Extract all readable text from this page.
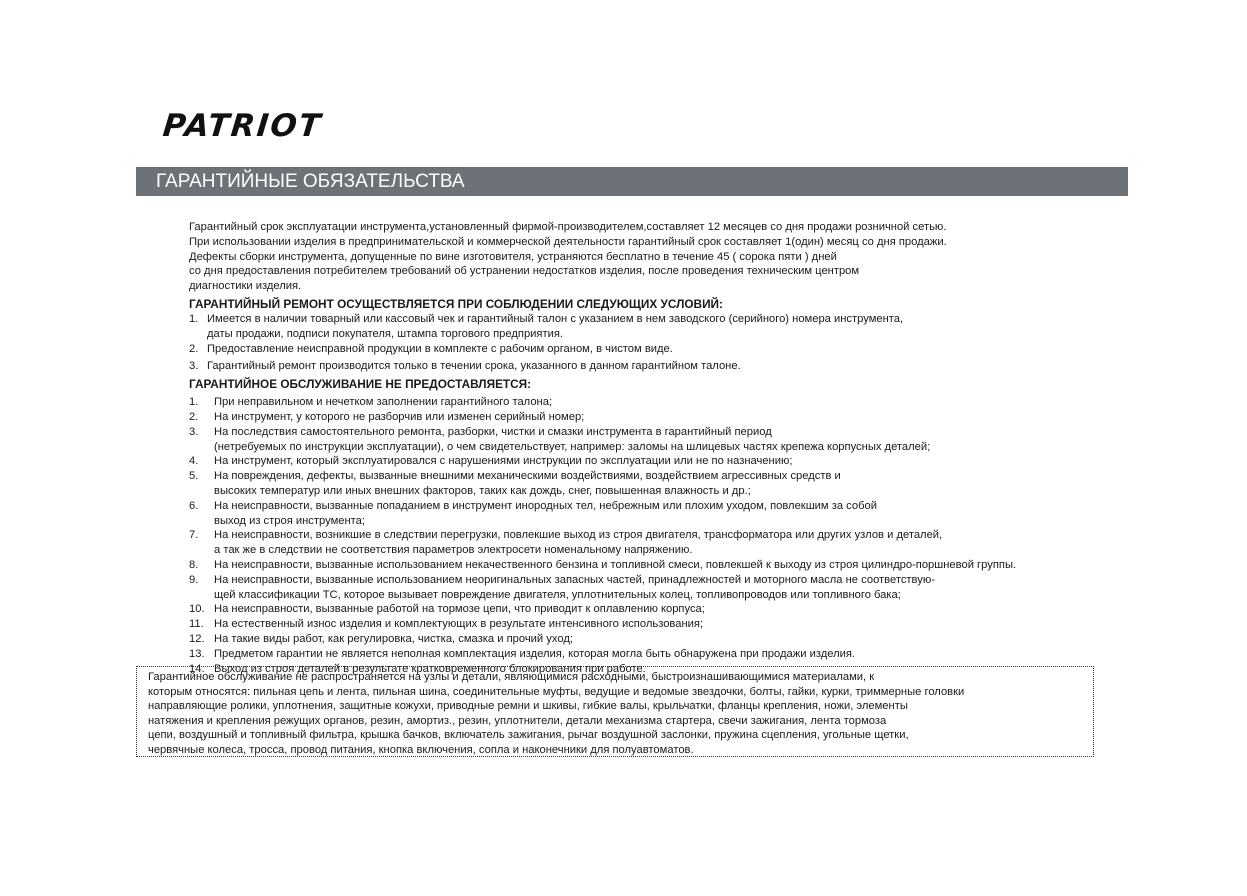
PATRIOT
ГАРАНТИЙНЫЕ ОБЯЗАТЕЛЬСТВА
Гарантийный срок эксплуатации инструмента,установленный фирмой-производителем,составляет 12 месяцев со дня продажи розничной сетью.
При использовании изделия в предпринимательской и коммерческой деятельности гарантийный срок составляет 1(один) месяц со дня продажи.
Дефекты сборки инструмента, допущенные по вине изготовителя, устраняются бесплатно в течение 45 ( сорока пяти ) дней
со дня предоставления потребителем требований об устранении недостатков изделия, после проведения техническим центром
диагностики изделия.
ГАРАНТИЙНЫЙ РЕМОНТ ОСУЩЕСТВЛЯЕТСЯ ПРИ СОБЛЮДЕНИИ СЛЕДУЮЩИХ УСЛОВИЙ:
1. Имеется в наличии товарный или кассовый чек и гарантийный талон с указанием в нем заводского (серийного) номера инструмента,
даты продажи, подписи покупателя, штампа торгового предприятия.
2. Предоставление неисправной продукции в комплекте с рабочим органом, в чистом виде.
3. Гарантийный ремонт производится только в течении срока, указанного в данном гарантийном талоне.
ГАРАНТИЙНОЕ ОБСЛУЖИВАНИЕ НЕ ПРЕДОСТАВЛЯЕТСЯ:
1.	При неправильном и нечетком заполнении гарантийного талона;
2.	На инструмент, у которого не разборчив или изменен серийный номер;
3.	На последствия самостоятельного ремонта, разборки, чистки и смазки инструмента в гарантийный период
(нетребуемых по инструкции эксплуатации), о чем свидетельствует, например: заломы на шлицевых частях крепежа корпусных деталей;
4.	На инструмент, который эксплуатировался с нарушениями инструкции по эксплуатации или не по назначению;
5.	На повреждения, дефекты, вызванные внешними механическими воздействиями, воздействием агрессивных средств и
высоких температур или иных внешних факторов, таких как дождь, снег, повышенная влажность и др.;
6.	На неисправности, вызванные попаданием в инструмент инородных тел, небрежным или плохим уходом, повлекшим за собой
выход из строя инструмента;
7.	На неисправности, возникшие в следствии перегрузки, повлекшие выход из строя двигателя, трансформатора или других узлов и деталей,
а так же в следствии не соответствия параметров электросети номенальному напряжению.
8.	На неисправности, вызванные использованием некачественного бензина и топливной смеси, повлекшей к выходу из строя цилиндро-поршневой группы.
9.	На неисправности, вызванные использованием неоригинальных запасных частей, принадлежностей и моторного масла не соответствую-
щей классификации ТС, которое вызывает повреждение двигателя, уплотнительных колец, топливопроводов или топливного бака;
10. На неисправности, вызванные работой на тормозе цепи, что приводит к оплавлению корпуса;
11. На естественный износ изделия и комплектующих в результате интенсивного использования;
12. На такие виды работ, как регулировка, чистка, смазка и прочий уход;
13. Предметом гарантии не является неполная комплектация изделия, которая могла быть обнаружена при продажи изделия.
14. Выход из строя деталей в результате кратковременного блокирования при работе.
Гарантийное обслуживание не распространяется на узлы и детали, являющимися расходными, быстроизнашивающимися материалами, к
которым относятся: пильная цепь и лента, пильная шина, соединительные муфты, ведущие и ведомые звездочки, болты, гайки, курки, триммерные головки
направляющие ролики, уплотнения, защитные кожухи, приводные ремни и шкивы, гибкие валы, крыльчатки, фланцы крепления, ножи, элементы
натяжения и крепления режущих органов, резин, амортиз., резин, уплотнители, детали механизма стартера, свечи зажигания, лента тормоза
цепи, воздушный и топливный фильтра, крышка бачков, включатель зажигания, рычаг воздушной заслонки, пружина сцепления, угольные щетки,
червячные колеса, тросса, провод питания, кнопка включения, сопла и наконечники для полуавтоматов.
